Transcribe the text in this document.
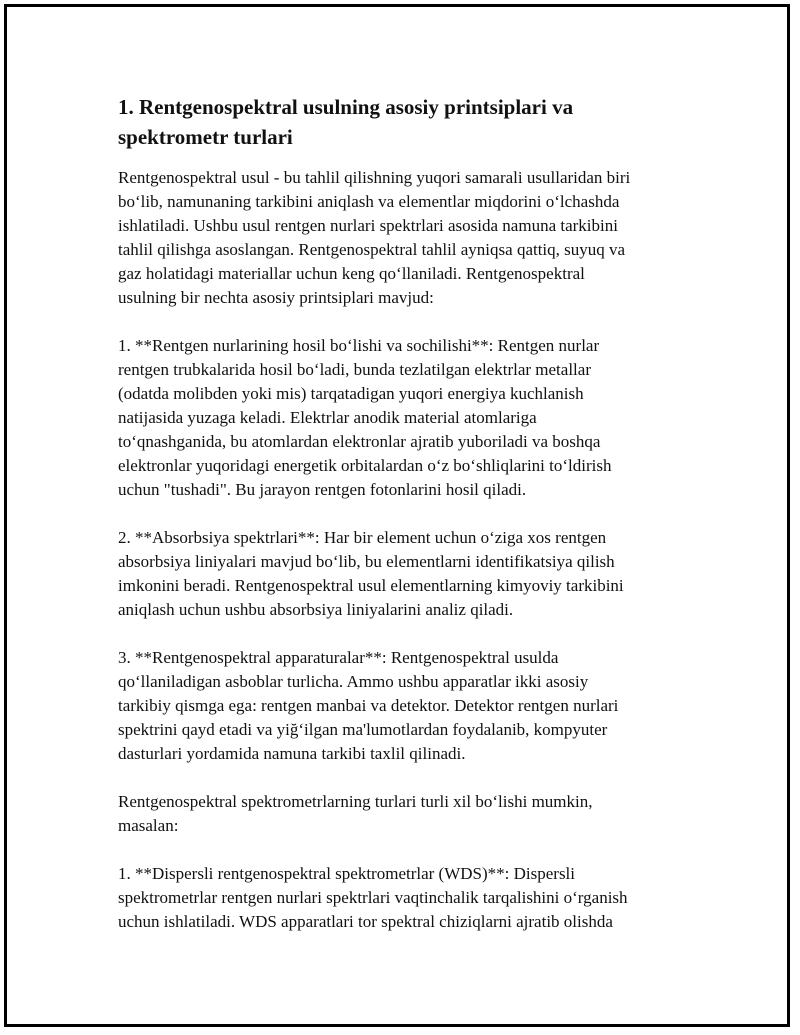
1. Rentgenospektral usulning asosiy printsiplari va
spektrometr turlari

Rentgenospektral usul - bu tahlil qilishning yuqori samarali usullaridan biri
bo‘lib, namunaning tarkibini aniqlash va elementlar miqdorini o‘lchashda
ishlatiladi. Ushbu usul rentgen nurlari spektrlari asosida namuna tarkibini
tahlil qilishga asoslangan. Rentgenospektral tahlil ayniqsa qattiq, suyuq va
gaz holatidagi materiallar uchun keng qo‘llaniladi. Rentgenospektral
usulning bir nechta asosiy printsiplari mavjud:

1. **Rentgen nurlarining hosil bo‘lishi va sochilishi**: Rentgen nurlar
rentgen trubkalarida hosil bo‘ladi, bunda tezlatilgan elektrlar metallar
(odatda molibden yoki mis) tarqatadigan yuqori energiya kuchlanish
natijasida yuzaga keladi. Elektrlar anodik material atomlariga
to‘qnashganida, bu atomlardan elektronlar ajratib yuboriladi va boshqa
elektronlar yuqoridagi energetik orbitalardan o‘z bo‘shliqlarini to‘ldirish
uchun "tushadi". Bu jarayon rentgen fotonlarini hosil qiladi.

2. **Absorbsiya spektrlari**: Har bir element uchun o‘ziga xos rentgen
absorbsiya liniyalari mavjud bo‘lib, bu elementlarni identifikatsiya qilish
imkonini beradi. Rentgenospektral usul elementlarning kimyoviy tarkibini
aniqlash uchun ushbu absorbsiya liniyalarini analiz qiladi.

3. **Rentgenospektral apparaturalar**: Rentgenospektral usulda
qo‘llaniladigan asboblar turlicha. Ammo ushbu apparatlar ikki asosiy
tarkibiy qismga ega: rentgen manbai va detektor. Detektor rentgen nurlari
spektrini qayd etadi va yiğ‘ilgan ma'lumotlardan foydalanib, kompyuter
dasturlari yordamida namuna tarkibi taxlil qilinadi.

Rentgenospektral spektrometrlarning turlari turli xil bo‘lishi mumkin,
masalan:

1. **Dispersli rentgenospektral spektrometrlar (WDS)**: Dispersli
spektrometrlar rentgen nurlari spektrlari vaqtinchalik tarqalishini o‘rganish
uchun ishlatiladi. WDS apparatlari tor spektral chiziqlarni ajratib olishda
